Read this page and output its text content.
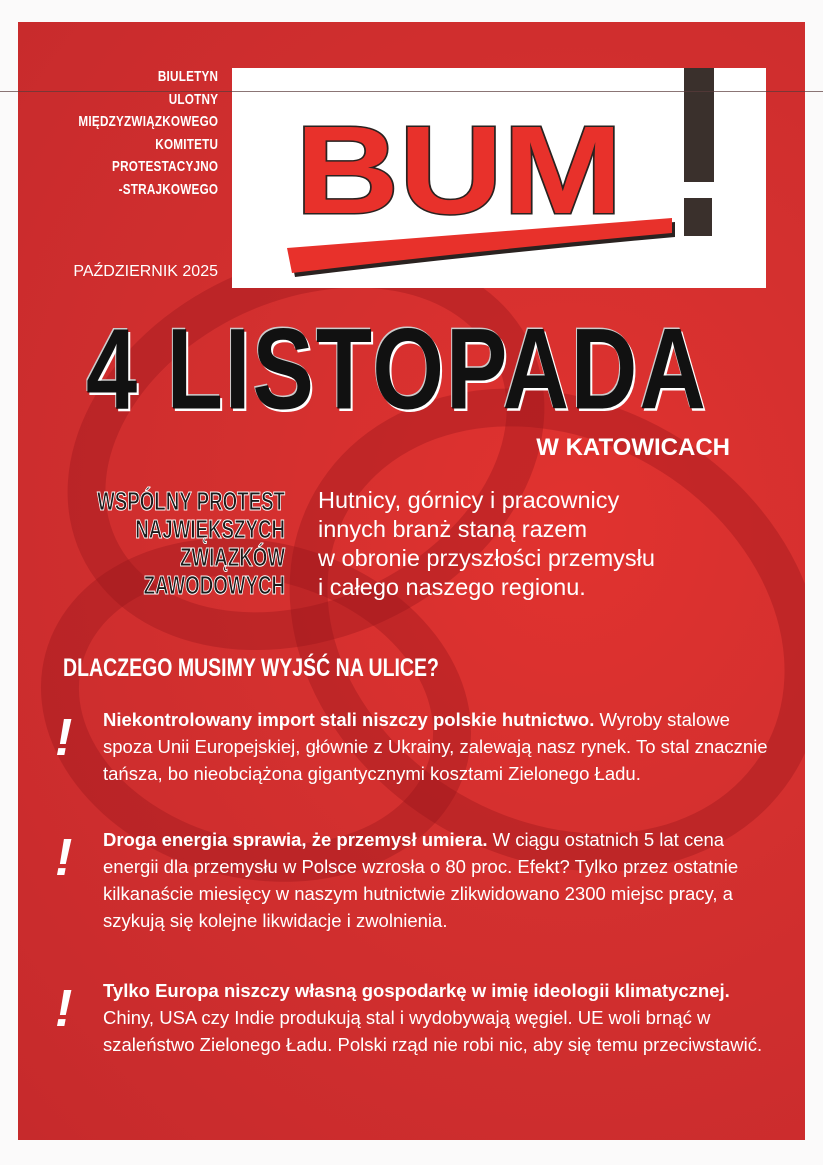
BUM
BIULETYN
ULOTNY
MIĘDZYZWIĄZKOWEGO
KOMITETU
PROTESTACYJNO
-STRAJKOWEGO
PAŹDZIERNIK 2025
4 LISTOPADA
W KATOWICACH
WSPÓLNY PROTEST
NAJWIĘKSZYCH
ZWIĄZKÓW
ZAWODOWYCH
Hutnicy, górnicy i pracownicy
innych branż staną razem
w obronie przyszłości przemysłu
i całego naszego regionu.
DLACZEGO MUSIMY WYJŚĆ NA ULICE?
! Niekontrolowany import stali niszczy polskie hutnictwo. Wyroby stalowe spoza Unii Europejskiej, głównie z Ukrainy, zalewają nasz rynek. To stal znacznie tańsza, bo nieobciążona gigantycznymi kosztami Zielonego Ładu.
! Droga energia sprawia, że przemysł umiera. W ciągu ostatnich 5 lat cena energii dla przemysłu w Polsce wzrosła o 80 proc. Efekt? Tylko przez ostatnie kilkanaście miesięcy w naszym hutnictwie zlikwidowano 2300 miejsc pracy, a szykują się kolejne likwidacje i zwolnienia.
! Tylko Europa niszczy własną gospodarkę w imię ideologii klimatycznej. Chiny, USA czy Indie produkują stal i wydobywają węgiel. UE woli brnąć w szaleństwo Zielonego Ładu. Polski rząd nie robi nic, aby się temu przeciwstawić.
